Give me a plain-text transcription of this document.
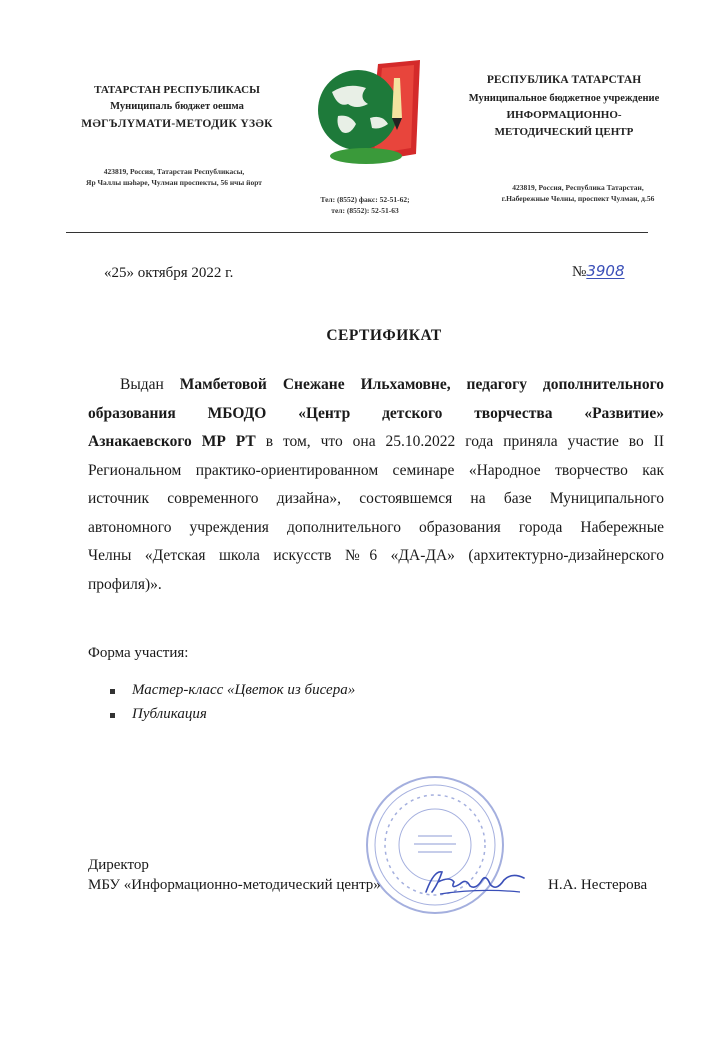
ТАТАРСТАН РЕСПУБЛИКАСЫ
Муниципаль бюджет оешма
МӘГЪЛҮМАТИ-МЕТОДИК ҮЗӘК
423819, Россия, Татарстан Республикасы,
Яр Чаллы шәһәре, Чулман проспекты, 56 нчы йорт
РЕСПУБЛИКА ТАТАРСТАН
Муниципальное бюджетное учреждение
ИНФОРМАЦИОННО-
МЕТОДИЧЕСКИЙ ЦЕНТР
423819, Россия, Республика Татарстан,
г.Набережные Челны, проспект Чулман, д.56
Тел: (8552) факс: 52-51-62;
тел: (8552): 52-51-63
«25» октября 2022 г.	№3908
СЕРТИФИКАТ
Выдан Мамбетовой Снежане Ильхамовне, педагогу дополнительного
образования МБОДО «Центр детского творчества «Развитие»
Азнакаевского МР РТ в том, что она 25.10.2022 года приняла участие во II
Региональном практико-ориентированном семинаре «Народное творчество как
источник современного дизайна», состоявшемся на базе Муниципального
автономного учреждения дополнительного образования города Набережные
Челны «Детская школа искусств №6 «ДА-ДА» (архитектурно-дизайнерского
профиля)».
Форма участия:
Мастер-класс «Цветок из бисера»
Публикация
Директор
МБУ «Информационно-методический центр»	Н.А. Нестерова
